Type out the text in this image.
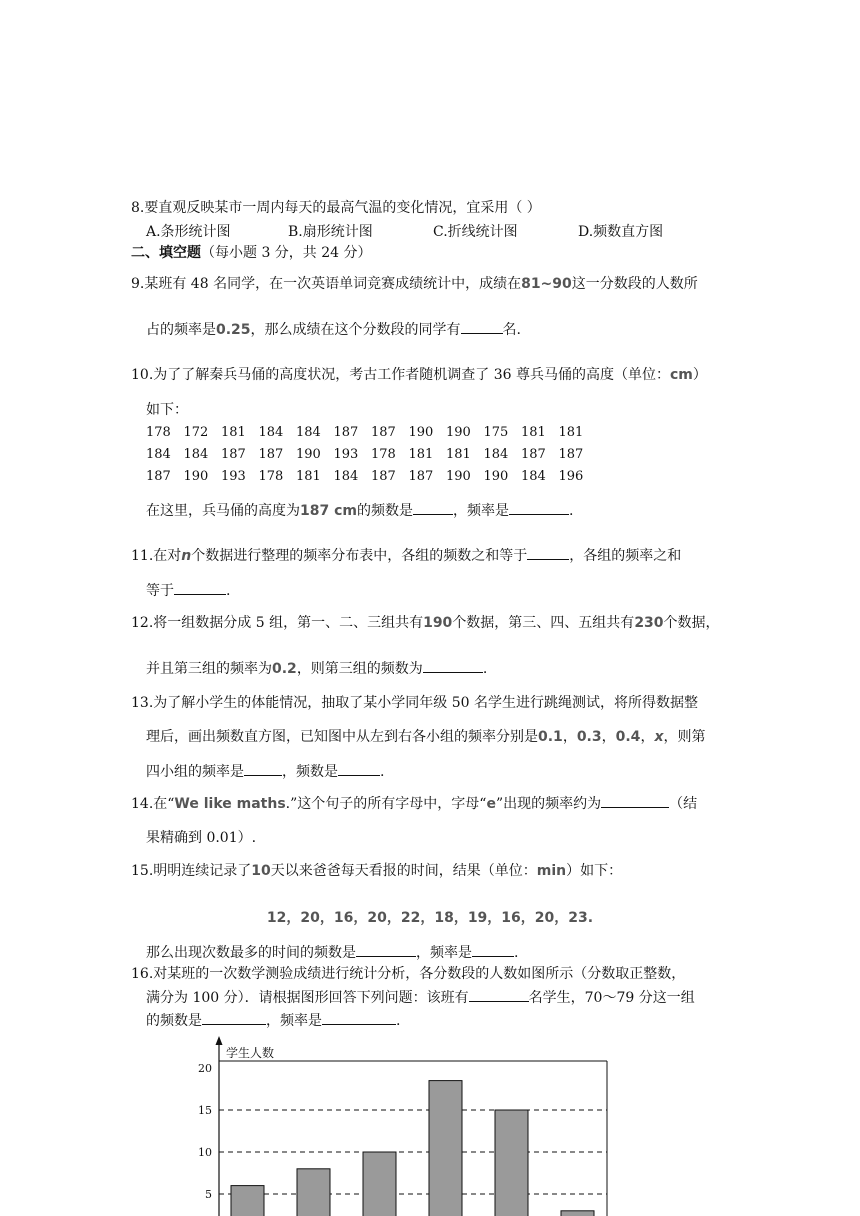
8.要直观反映某市一周内每天的最高气温的变化情况，宜采用（ ）
A.条形统计图	B.扇形统计图	C.折线统计图	D.频数直方图
二、填空题（每小题 3 分，共 24 分）
9.某班有 48 名同学，在一次英语单词竞赛成绩统计中，成绩在81~90这一分数段的人数所
占的频率是0.25，那么成绩在这个分数段的同学有	名.
10.为了了解秦兵马俑的高度状况，考古工作者随机调查了 36 尊兵马俑的高度（单位：cm）
如下：
178 172 181 184 184 187 187 190 190 175 181 181
184 184 187 187 190 193 178 181 181 184 187 187
187 190 193 178 181 184 187 187 190 190 184 196
在这里，兵马俑的高度为187 cm的频数是	，频率是	.
11.在对n个数据进行整理的频率分布表中，各组的频数之和等于	，各组的频率之和
等于	.
12.将一组数据分成 5 组，第一、二、三组共有190个数据，第三、四、五组共有230个数据，
并且第三组的频率为0.2，则第三组的频数为	.
13.为了解小学生的体能情况，抽取了某小学同年级 50 名学生进行跳绳测试，将所得数据整
理后，画出频数直方图，已知图中从左到右各小组的频率分别是0.1，0.3，0.4，x，则第
四小组的频率是	，频数是	.
14.在“We like maths.”这个句子的所有字母中，字母“e”出现的频率约为	（结
果精确到 0.01）.
15.明明连续记录了10天以来爸爸每天看报的时间，结果（单位：min）如下：
12，20，16，20，22，18，19，16，20，23.
那么出现次数最多的时间的频数是	，频率是	.
16.对某班的一次数学测验成绩进行统计分析，各分数段的人数如图所示（分数取正整数，
满分为 100 分）．请根据图形回答下列问题：该班有	名学生，70～79 分这一组
的频数是	，频率是	.
学生人数
5
10
15
20
